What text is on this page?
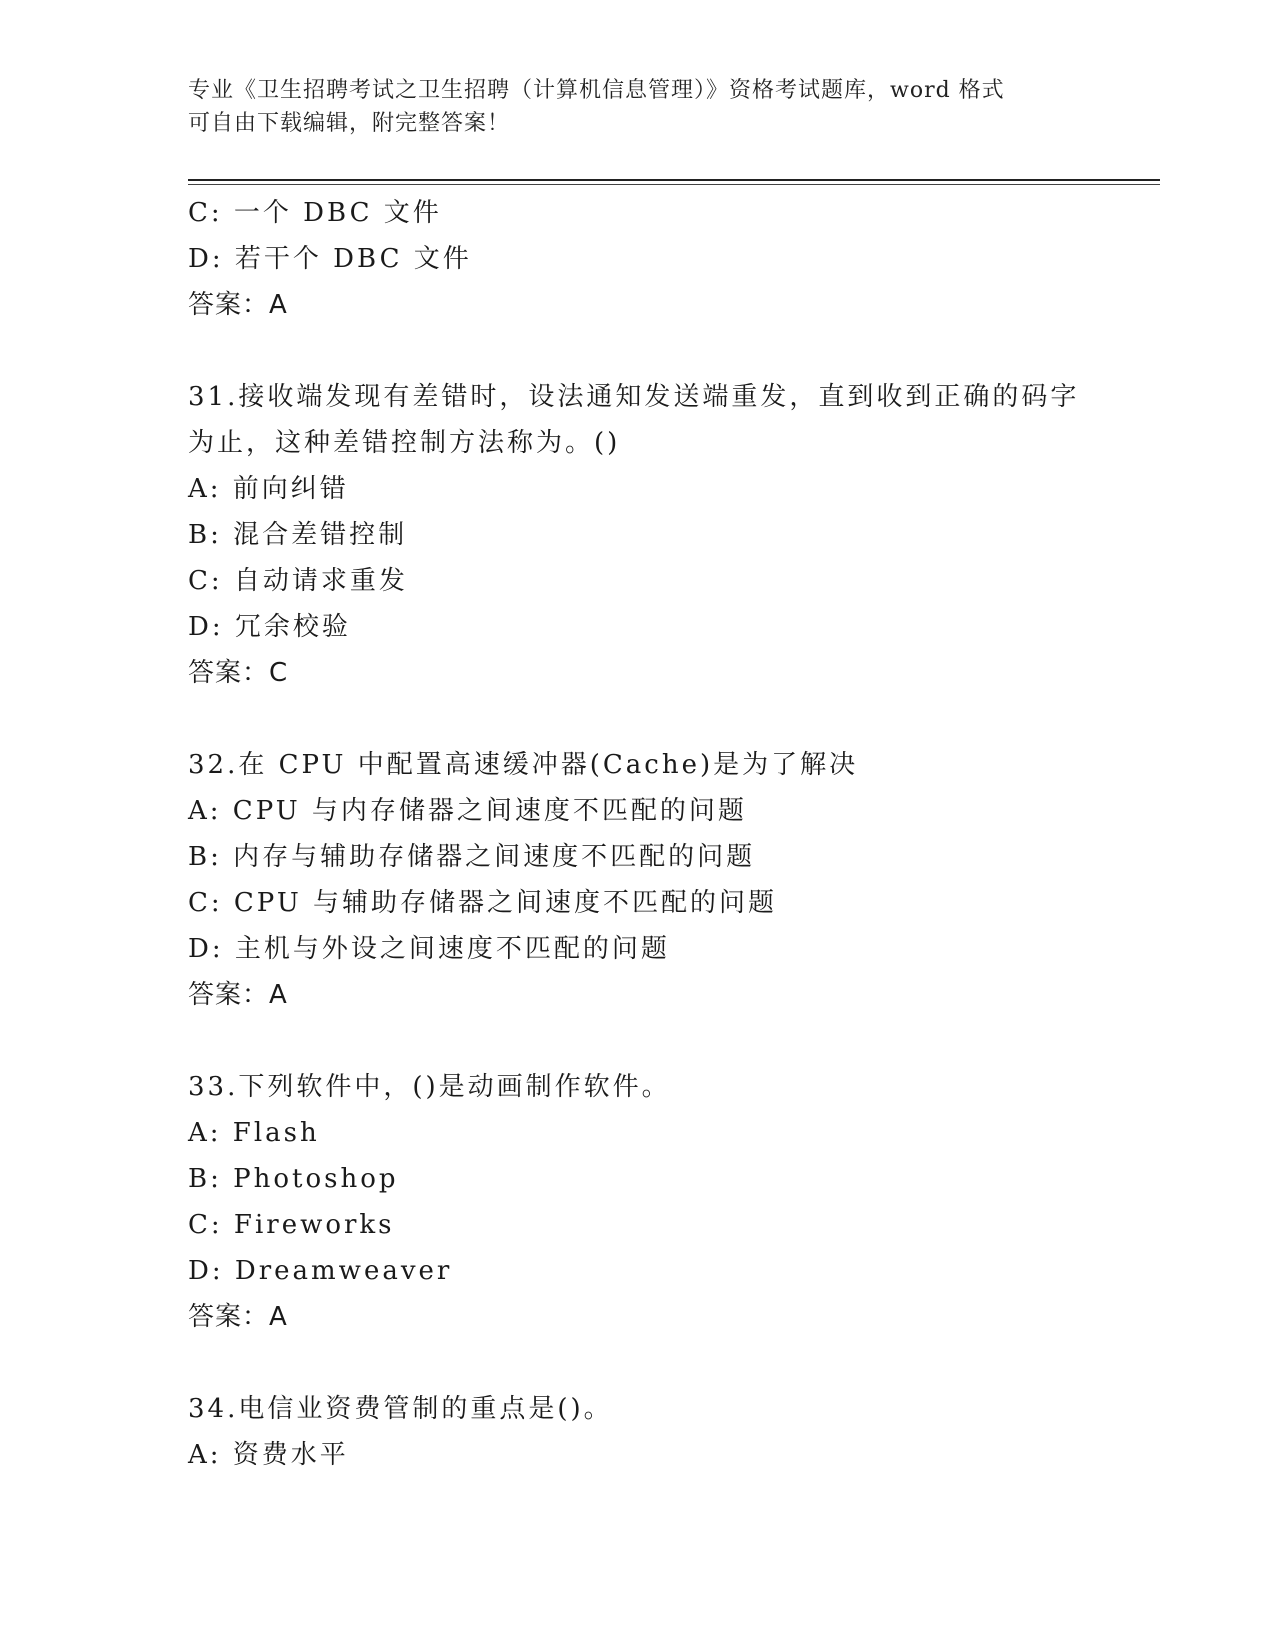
专业《卫生招聘考试之卫生招聘（计算机信息管理）》资格考试题库，word 格式
可自由下载编辑，附完整答案！
C: 一个 DBC 文件
D: 若干个 DBC 文件
答案：A
31.接收端发现有差错时，设法通知发送端重发，直到收到正确的码字为止，这种差错控制方法称为。()
A: 前向纠错
B: 混合差错控制
C: 自动请求重发
D: 冗余校验
答案：C
32.在 CPU 中配置高速缓冲器(Cache)是为了解决
A: CPU 与内存储器之间速度不匹配的问题
B: 内存与辅助存储器之间速度不匹配的问题
C: CPU 与辅助存储器之间速度不匹配的问题
D: 主机与外设之间速度不匹配的问题
答案：A
33.下列软件中，()是动画制作软件。
A: Flash
B: Photoshop
C: Fireworks
D: Dreamweaver
答案：A
34.电信业资费管制的重点是()。
A: 资费水平
